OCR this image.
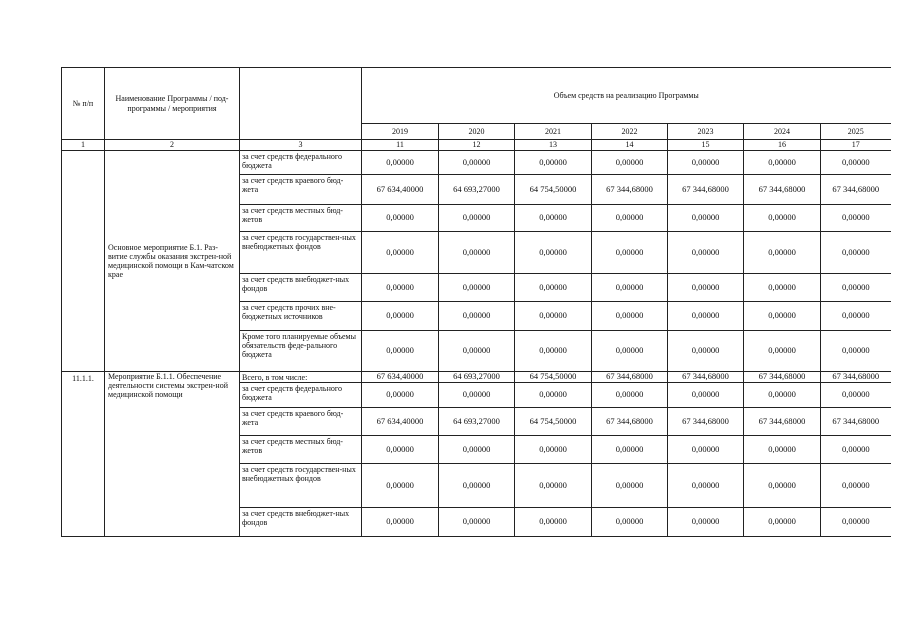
№ п/п	Наименование Программы / под-программы / мероприятия		Объем средств на реализацию Программы						
			2019	2020	2021	2022	2023	2024	2025
1	2	3	11	12	13	14	15	16	17
	Основное мероприятие Б.1. Раз-витие службы оказания экстрен-ной медицинской помощи в Кам-чатском крае	за счет средств федерального бюджета	0,00000	0,00000	0,00000	0,00000	0,00000	0,00000	0,00000
		за счет средств краевого бюд-жета	67 634,40000	64 693,27000	64 754,50000	67 344,68000	67 344,68000	67 344,68000	67 344,68000
		за счет средств местных бюд-жетов	0,00000	0,00000	0,00000	0,00000	0,00000	0,00000	0,00000
		за счет средств государствен-ных внебюджетных фондов	0,00000	0,00000	0,00000	0,00000	0,00000	0,00000	0,00000
		за счет средств внебюджет-ных фондов	0,00000	0,00000	0,00000	0,00000	0,00000	0,00000	0,00000
		за счет средств прочих вне-бюджетных источников	0,00000	0,00000	0,00000	0,00000	0,00000	0,00000	0,00000
		Кроме того планируемые объемы обязательств феде-рального бюджета	0,00000	0,00000	0,00000	0,00000	0,00000	0,00000	0,00000
11.1.1.	Мероприятие Б.1.1. Обеспечение деятельности системы экстрен-ной медицинской помощи	Всего, в том числе:	67 634,40000	64 693,27000	64 754,50000	67 344,68000	67 344,68000	67 344,68000	67 344,68000
		за счет средств федерального бюджета	0,00000	0,00000	0,00000	0,00000	0,00000	0,00000	0,00000
		за счет средств краевого бюд-жета	67 634,40000	64 693,27000	64 754,50000	67 344,68000	67 344,68000	67 344,68000	67 344,68000
		за счет средств местных бюд-жетов	0,00000	0,00000	0,00000	0,00000	0,00000	0,00000	0,00000
		за счет средств государствен-ных внебюджетных фондов	0,00000	0,00000	0,00000	0,00000	0,00000	0,00000	0,00000
		за счет средств внебюджет-ных фондов	0,00000	0,00000	0,00000	0,00000	0,00000	0,00000	0,00000
